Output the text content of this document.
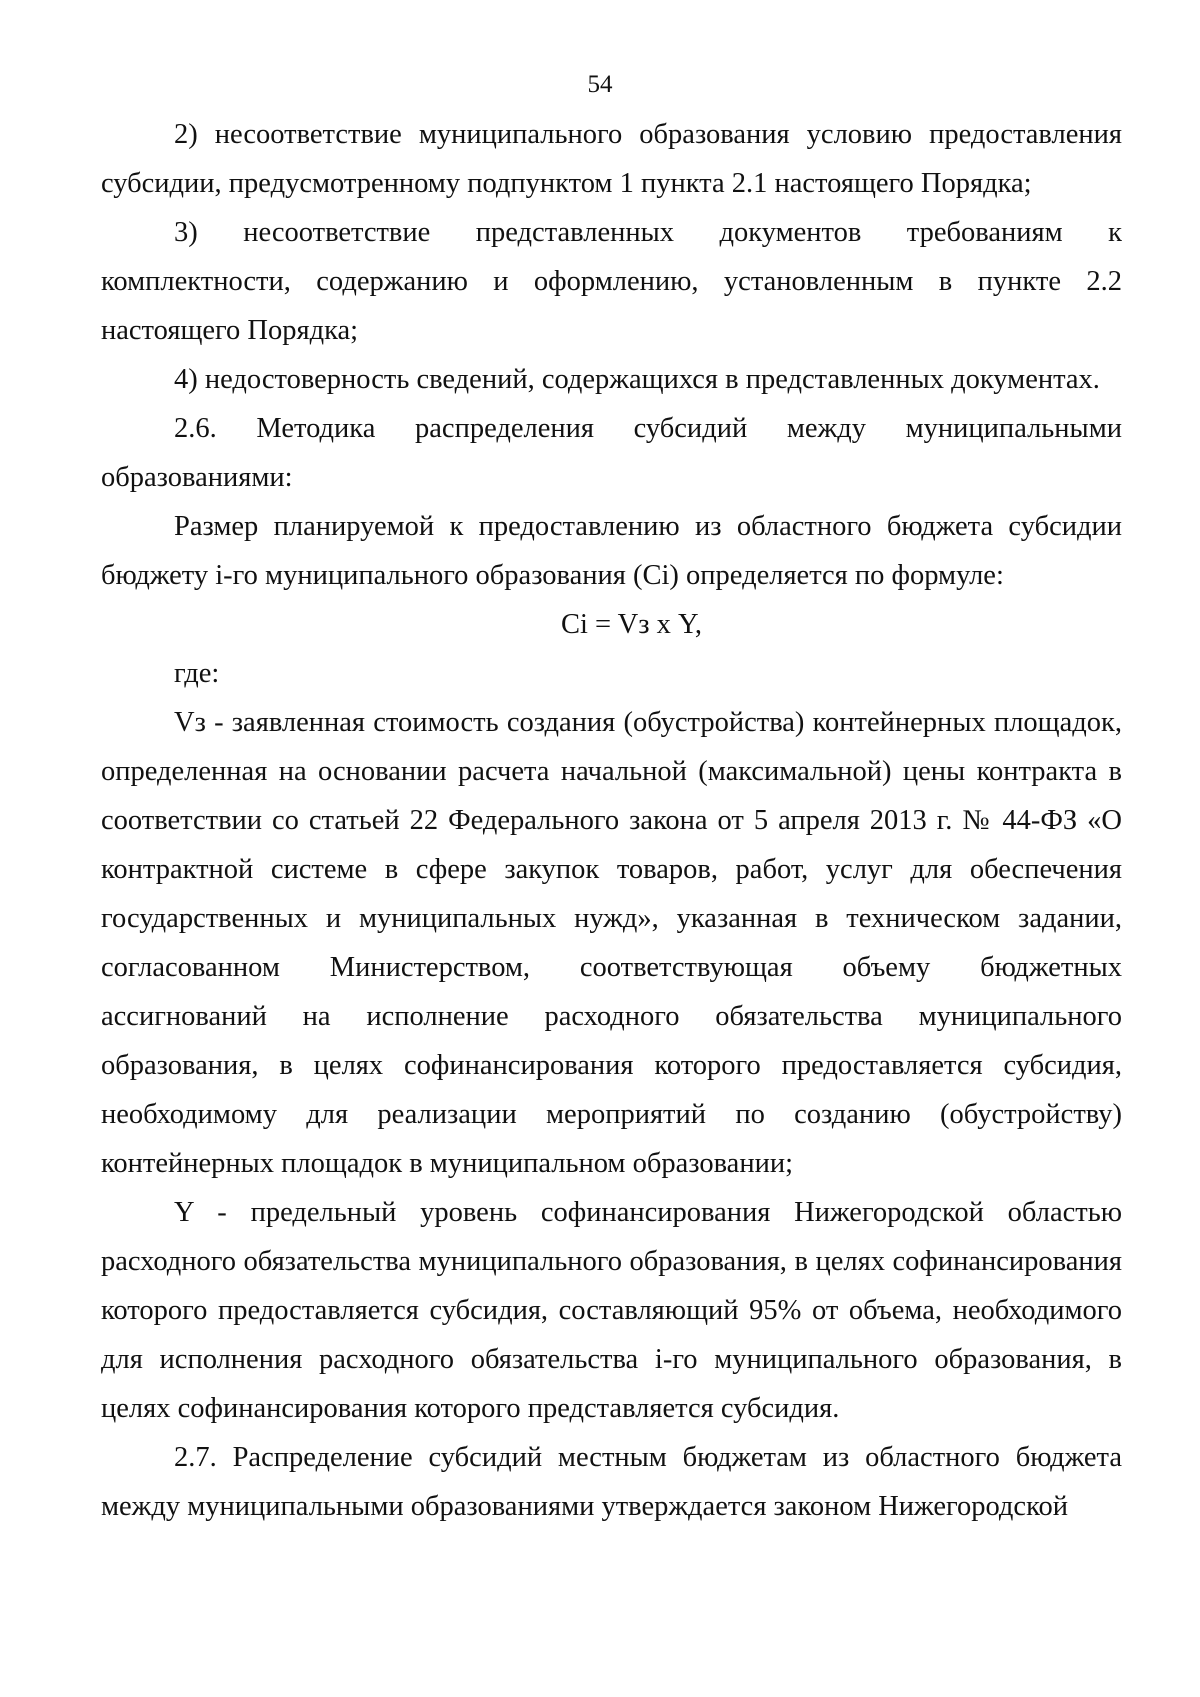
54

2) несоответствие муниципального образования условию предоставления субсидии, предусмотренному подпунктом 1 пункта 2.1 настоящего Порядка;

3) несоответствие представленных документов требованиям к комплектности, содержанию и оформлению, установленным в пункте 2.2 настоящего Порядка;

4) недостоверность сведений, содержащихся в представленных документах.

2.6. Методика распределения субсидий между муниципальными образованиями:

Размер планируемой к предоставлению из областного бюджета субсидии бюджету i-го муниципального образования (Сi) определяется по формуле:

Сi = Vз х Y,

где:

Vз - заявленная стоимость создания (обустройства) контейнерных площадок, определенная на основании расчета начальной (максимальной) цены контракта в соответствии со статьей 22 Федерального закона от 5 апреля 2013 г. № 44-ФЗ «О контрактной системе в сфере закупок товаров, работ, услуг для обеспечения государственных и муниципальных нужд», указанная в техническом задании, согласованном Министерством, соответствующая объему бюджетных ассигнований на исполнение расходного обязательства муниципального образования, в целях софинансирования которого предоставляется субсидия, необходимому для реализации мероприятий по созданию (обустройству) контейнерных площадок в муниципальном образовании;

Y - предельный уровень софинансирования Нижегородской областью расходного обязательства муниципального образования, в целях софинансирования которого предоставляется субсидия, составляющий 95% от объема, необходимого для исполнения расходного обязательства i-го муниципального образования, в целях софинансирования которого представляется субсидия.

2.7. Распределение субсидий местным бюджетам из областного бюджета между муниципальными образованиями утверждается законом Нижегородской
